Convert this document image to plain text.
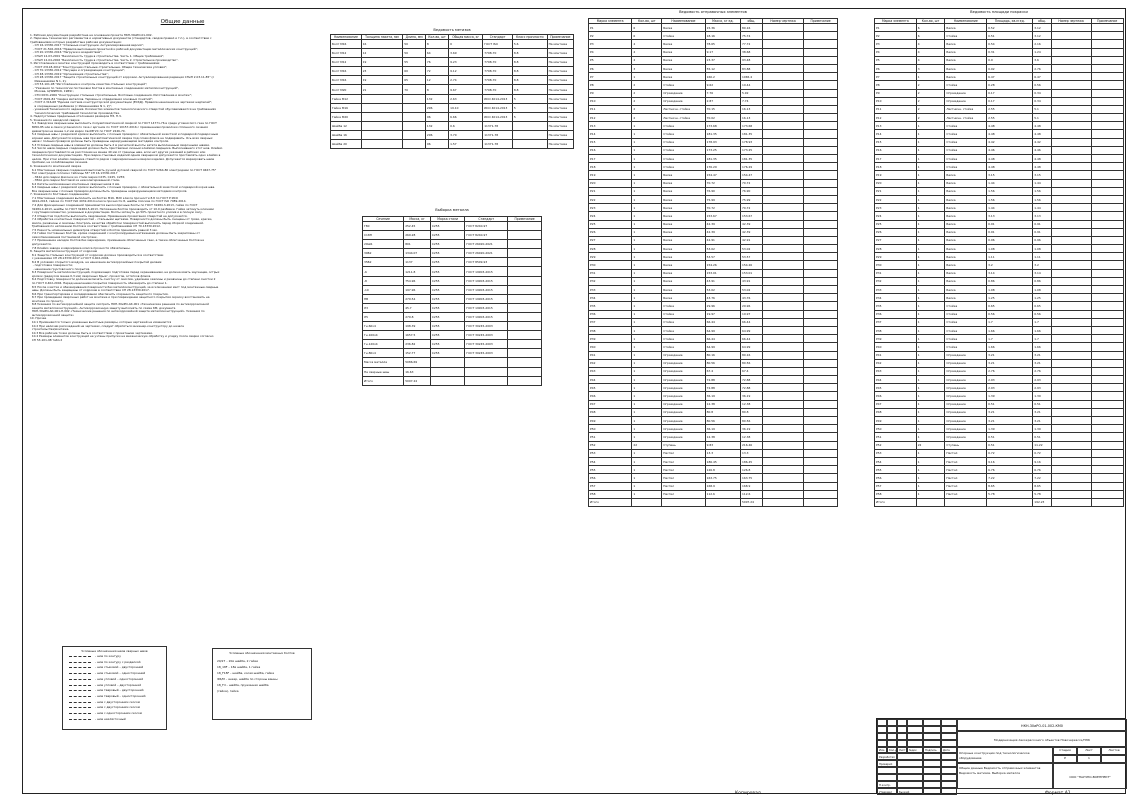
Общие данные

1. Рабочая документация разработана на основании проекта НКН-30иРО-01-002.
2. Перечень технических регламентов и нормативных документов (стандартов, сводов правил и т.п.), в соответствии с
требованиями которых разработана рабочая документация:
- СП 16.13330.2017 "Стальные конструкции. Актуализированная версия";
- ГОСТ 21.502-2016 "Правила выполнения проектной и рабочей документации металлических конструкций";
- СП 20.13330.2016 "Нагрузки и воздействия";
- СНиП 12-03-2001 "Безопасность труда в строительстве. Часть 1. Общие требования";
- СНиП 12-04-2002 "Безопасность труда в строительстве. Часть 2. Строительное производство".
3. Изготовление и монтаж конструкций производить в соответствии с требованиями:
- ГОСТ 23118-2012 "Конструкции стальные строительные. Общие технические условия";
- СП 70.13330.2012 "Несущие и ограждающие конструкции";
- СП 48.13330.2019 "Организация строительства";
- СП 28.13330.2017 "Защита строительных конструкций от коррозии. Актуализированная редакция СНиП 2.03.11-85" (с
Изменениями N 1, 2);
- СП 53-101-98 "Изготовление и контроль качества стальных конструкций";
- "Указания по технологии постановки болтов в монтажных соединениях металлоконструкций",
Москва, ЦНИИПСК, 1989г.;
- СТО 0031-2006 "Конструкции стальные строительные. Болтовые соединения. Изготовление и монтаж";
- ГОСТ 2601-84 "Сварка металлов. Термины и определения основных понятий";
- ГОСТ 2.316-68 "Единая система конструкторской документации (ЕСКД). Правила нанесения на чертежах надписей";
в сокращенных разбивках (с Изменениями N 1, 2)";
- указаний Технического задания. Количество элементов технологического отверстий обуславливаются на требованиях
технологических требований технологии производства.
4. Недопустимые предельные отклонения размеров НЭ, Н.Ч.
5. Указания по заводской сварке
5.1 Заводские сварные швы выполнить полуавтоматической сваркой по ГОСТ 14771-76 в среде углекислого газа по ГОСТ
8050-85 или в смеси углекислого газа с аргоном по ГОСТ 10157-2016 с применением проволоки сплошного сечения
диаметром не менее 1,2 мм марок Св-08Г2С по ГОСТ 2246-70.
5.2 Сварные швы с разделкой кромок выполнить с полным проваром с обязательной зачисткой и подваркой подварочным
корнем шва. Допускается корень шва при автоматической сварке под слоем флюса не подваривать. Ось всех сварных
швов с полным проваром должны быть приведены неразрушающими методами контроля.
5.3 Угловые сварные швы в элементах должны быть 2 м расчетной высоты катета выполненным сварочными швами.
5.4 Число швов сварных соединений должно быть приставлено личным клеймом сварщика. Выполнившего этот шов. Клеймо
сварщика проставляется на расстоянии не менее 40 мм от границы шва, если нет других указаний в рабочих или
технологических документациях. При сварке стыковых изделий одним сварщиком допускается проставлять одно клеймо в
целом. При этом клеймо сварщика ставится рядом с маркировочным номером изделия. Допускается маркировать швов
пробами, не ослабляющими сечения.
6. Указания по монтажной сварке
6.1 Монтажные сварные соединения выполнить ручной дуговой сваркой по ГОСТ 5264-80 электродами по ГОСТ 9467-75*
Тип электродов согласно таблицы 55* СП 16.13330.2017
- Э42А для сварки фасонок из стали марки С235, С245, С255;
- Э50А для сварки болтовой из низколегированной стали.
6.2 Катеты непоказанных монтажных сварных швов 4 мм.
6.3 Сварные швы с разделкой кромок выполнить с полным проваром, с обязательной зачисткой и подваркой корня шва.
Все сварные швы с полным проваром должны быть проверены неразрушающими методами контроля.
7. Указания по болтовым соединениям
7.1 Монтажные соединения выполнить на болтах М16, М20 класса прочности 8.8 по ГОСТ Р ИСО
4014-2013, гайках по ГОСТ ISO 4032-2014 класса прочности 8, шайбы плоские по ГОСТ ISO 7089-2014.
7.2 Для фрикционных соединений принимаются высокопрочные болты по ГОСТ 32484.3-2013, гайки по ГОСТ
32484.4-2013, шайбы по ГОСТ 32484.5-2013. Натяжение болтов производить от 10.9 разбивки. Гайки затянуть ключами
с крутящим моментом, указанным в документации. Болты затянуть до 50% проектного усилия и в полную силу.
7.3 Отверстия под болты выполнить сверлением. Применение прожигания отверстий не допускается.
7.4 Обработка контактных поверхностей – стальными щетками. Поверхности должны быть очищены от грязи, краски,
масла, ржавчины и окалины. Контроль качества обработки поверхностей выполнять перед сборкой соединений.
Требования по натяжению болтов в соответствии с требованиями СП 70.13330.2012.
7.5 Разность номинальных диаметров отверстий и болтов принимать равной 3 мм.
7.6 Гайки постоянных болтов, кроме соединений с контролируемым натяжением должны быть закреплены от
самоотвинчивания постановкой контргаек.
7.7 Применение насадок болтов без маркировки, применение облегченных гаек, а также облегченных болтов не
допускается.
7.8 Клеймо завода и маркировка класса прочности обязательны.
8. Защита металлоконструкций от коррозии
8.1 Защита стальных конструкций от коррозии должна производиться в соответствии
с указаниями СП 28.13330.2017 и ГОСТ 9.402-2004.
8.2 В условиях открытого воздуха, на нанесение антикоррозийных покрытий делаем:
- подготовка поверхности;
- нанесение грунтовочного покрытия.
8.3 Поверхность металлоконструкций, подлежащих подготовке перед окрашиванием, не должна иметь заусенцев, острых
кромок (радиусом менее 0,3 мм) сварочных брызг, прожогов, остатков флюса.
8.4 Подготовку поверхности должна включать очистку от окислов, удаление окалины и ржавчины до степени очистки 2
по ГОСТ 9.402-2004. Перед нанесением покрытия поверхность обезжирить до степени 1.
8.5 После очистки и обезжиривания поверхности без металлоконструкций, за исключением мест под монтажные сварные
швы. Должны быть защищены от коррозии в соответствии СП 28.13330.2017.
8.6 При транспортировке и складировании обеспечить сохранность защитного покрытия.
8.7 При проведении сварочных работ на монтаже и при повреждении защитного покрытия окраску восстановить на
монтаже по проекту.
8.8 Указания по антикоррозийной защите смотреть НКН-30иРО-АК-001 «Технические решения по антикоррозионной
защите металлоконструкций». Антикоррозионную защиту выполнять по схеме КМ, документа
НКН-30иРО-АК-001-П-002 «Технические решения по антикоррозийной защите металлоконструкций». Указания по
антикоррозионной защите»
10. Прочее
10.1 Применяются только указанные высотные размеры, которые чертежей не изменяются
10.2 При наличии расхождений на чертежах, следует обратиться инженер-конструктору до начала
строительства/монтажа.
10.3 Все рабочие точки должны быть в соответствии с проектными чертежами.
10.4 Размеры элементов конструкций не учтены припуски на механическую обработку и усадку после сварки согласно
СП 53-101-98 табл.2

Условные обозначения швов сварных швов
- шов по контуру
- шов по контуру с разделкой
- шов стыковой – двусторонний
- шов стыковой – односторонний
- шов угловой – односторонний
- шов угловой – двусторонний
- шов тавровый – двусторонний
- шов тавровый – односторонний
- шов с двусторонним скосом
- шов с двусторонним скосом
- шов с односторонним скосом
- шов нахлёсточный
Условные обозначения монтажных болтов
20/27 – 20я шайба, 2 гайки
18_18F – 18я шайба, 1 гайка
18_F18F – шайба, косая шайба, гайка
Ф6/М – анкер, шайба по стороны ванны
18_Fd – шайба, пружинная шайба
(гайка), гайка
Ведомость метизов
Наименование	Толщина пакета, мм	Длина, мм	Кол-во, шт	Общая масса, кг	Стандарт	Класс прочности	Примечание
Болт М16	16	50	8	0	ГОСТ ISO	5.6	На монтаже
Болт М12	12	50	64	3.69	7798-70	8.8	На монтаже
Болт М12	19	55	76	9.23	7798-70	8.8	На монтаже
Болт М16	23	60	72	9.12	7798-70	8.8	На монтаже
Болт М16	19	65	12	2.74	7798-70	8.8	На монтаже
Болт М20	21	70	8	9.67	7798-70	8.8	На монтаже
Гайка М12			132	2.63	ИСО 4014-2013	5	На монтаже
Гайка М16			296	19.10	ИСО 4014-2013	5	На монтаже
Гайка М20			96	6.66	ИСО 4014-2013	5	На монтаже
Шайба 12			132	0.6	11371-78		На монтаже
Шайба 16			296	3.70	11371-78		На монтаже
Шайба 20			96	1.57	11371-78		На монтаже
Выборка металла
Сечение	Масса, кг	Марка стали	Стандарт	Примечание
Г80	252.45	С255	ГОСТ 8240-97	
С18П	269.28	С255	ГОСТ 8240-97	
20Ш1	801	С255	ГОСТ 26020-2021	
30Б2	1344.07	С255	ГОСТ 26020-2021	
35Б2	1137	С255	ГОСТ 8509-93	
-6	1211.8	С255	ГОСТ 19903-2015	
-8	754.96	С255	ГОСТ 19903-2015	
-10	197.96	С255	ГОСТ 19903-2015	
ПВ	279.54	С255	ГОСТ 19903-2015	
Л3	45.7	С255	ГОСТ 19903-2015	
Л5	279.8	С255	ГОСТ 19903-2015	
Гн.60х4	198.39	С255	ГОСТ 30245-2003	
Гн.100х4	1657.5	С255	ГОСТ 30245-2003	
Гн.120х4	236.82	С255	ГОСТ 30245-2003	
Гн.80х4	152.77	С255	ГОСТ 30245-2003	
Масса металла	5086.69			
На сварные швы	16.63			
Итого	5097.24			
Ведомость отправочных элементов
Марка элемента	Кол-во, шт	Наименование	Масса, кг ед.	общ.	Номер чертежа	Примечание
Р1	6	Балка	15.36	80.16		
Р2	6	Стойка	18.16	75.74		
Р3	4	Балка	78.65	77.72		
Р4	4	Балка	9.17	38.68		
Р5	4	Балка	23.37	93.48		
Р6	3	Балка	55.12	83.88		
Р7	1	Балка	160.2	1065.4		
Р8	2	Стойка	9.62	19.44		
Р9	2	Ограждение	7.76	5.92		
Р10	2	Ограждение	2.87	7.74		
Р11	2	Лестничн. стойка	70.15	16.13		
Р12	2	Лестничн. стойка	70.02	16.13		
Р13	1	Стойка	173.68	173.68		
Р14	1	Стойка	181.35	181.35		
Р15	1	Стойка	178.93	178.93		
Р16	1	Стойка	173.25	173.25		
Р17	1	Стойка	181.35	181.35		
Р18	1	Стойка	176.29	176.29		
Р19	1	Балка	154.47	154.47		
Р20	1	Балка	70.72	70.72		
Р21	1	Балка	76.90	76.90		
Р22	1	Балка	75.99	75.99		
Р23	1	Балка	70.72	70.72		
Р24	1	Балка	153.67	153.67		
Р25	1	Балка	42.39	42.39		
Р26	1	Балка	42.39	42.39		
Р27	1	Балка	42.91	42.91		
Р28	1	Балка	53.02	53.02		
Р29	1	Балка	53.57	53.57		
Р30	1	Балка	154.26	154.26		
Р31	1	Балка	153.01	153.01		
Р32	1	Балка	43.91	43.91		
Р33	1	Балка	53.02	53.02		
Р34	1	Балка	43.76	43.76		
Р35	1	Стойка	29.96	29.96		
Р36	1	Стойка	19.97	19.97		
Р37	1	Стойка	66.44	66.44		
Р38	1	Стойка	64.99	64.99		
Р39	1	Стойка	66.44	66.44		
Р40	1	Стойка	64.99	64.99		
Р41	1	Ограждение	80.16	80.16		
Р42	1	Ограждение	80.56	80.56		
Р43	1	Ограждение	67.4	67.4		
Р44	1	Ограждение	72.88	72.88		
Р45	1	Ограждение	72.88	72.88		
Р46	1	Ограждение	36.19	36.19		
Р47	1	Ограждение	12.38	12.38		
Р48	1	Ограждение	80.8	80.8		
Р49	1	Ограждение	80.56	80.56		
Р50	1	Ограждение	36.19	36.19		
Р51	1	Ограждение	12.38	12.38		
Р52	22	Ступень	9.83	216.46		
Р53	1	Настил	13.3	13.3		
Р54	1	Настил	186.45	186.45		
Р55	1	Настил	126.8	126.8		
Р56	1	Настил	163.75	163.75		
Р57	1	Настил	168.9	168.9		
Р58	1	Настил	112.6	112.6		
Итого				5097.24		
Ведомость площади покраски
Марка элемента	Кол-во, шт	Наименование	Площадь, кв.м ед.	общ.	Номер чертежа	Примечание
Р1	6	Балка	0.52	3.12		
Р2	6	Стойка	0.51	3.12		
Р3	4	Балка	0.54	2.16		
Р4	4	Балка	0.31	1.24		
Р5	4	Балка	0.9	3.6		
Р6	3	Балка	0.92	2.76		
Р7	1	Балка	6.47	6.47		
Р8	2	Стойка	0.28	0.56		
Р9	2	Ограждение	0.17	0.34		
Р10	2	Ограждение	0.17	0.34		
Р11	2	Лестничн. стойка	2.55	5.1		
Р12	2	Лестничн. стойка	2.55	5.1		
Р13	1	Стойка	4.48	4.48		
Р14	1	Стойка	4.48	4.48		
Р15	1	Стойка	4.42	4.42		
Р16	1	Стойка	4.46	4.46		
Р17	1	Стойка	4.48	4.48		
Р18	1	Стойка	4.48	4.48		
Р19	1	Балка	3.15	3.15		
Р20	1	Балка	1.44	1.44		
Р21	1	Балка	1.56	1.56		
Р22	1	Балка	1.56	1.56		
Р23	1	Балка	1.44	1.44		
Р24	1	Балка	3.13	3.13		
Р25	1	Балка	0.91	0.91		
Р26	1	Балка	0.91	0.91		
Р27	1	Балка	0.96	0.96		
Р28	1	Балка	1.08	1.08		
Р29	1	Балка	1.11	1.11		
Р30	1	Балка	3.2	3.2		
Р31	1	Балка	3.14	3.14		
Р32	1	Балка	0.86	0.86		
Р33	1	Балка	1.08	1.08		
Р34	1	Балка	1.25	1.25		
Р35	1	Стойка	0.65	0.65		
Р36	1	Стойка	0.56	0.56		
Р37	1	Стойка	1.7	1.7		
Р38	1	Стойка	1.66	1.66		
Р39	1	Стойка	1.7	1.7		
Р40	1	Стойка	1.66	1.66		
Р41	1	Ограждение	3.21	3.21		
Р42	1	Ограждение	3.21	3.21		
Р43	1	Ограждение	2.76	2.76		
Р44	1	Ограждение	2.93	2.93		
Р45	1	Ограждение	2.93	2.93		
Р46	1	Ограждение	1.39	1.39		
Р47	1	Ограждение	0.51	0.51		
Р48	1	Ограждение	3.21	3.21		
Р49	1	Ограждение	3.21	3.21		
Р50	1	Ограждение	1.39	1.39		
Р51	1	Ограждение	0.51	0.51		
Р52	22	Ступень	0.51	11.22		
Р53	1	Настил	0.72	0.72		
Р54	1	Настил	9.16	9.16		
Р55	1	Настил	6.76	6.76		
Р56	1	Настил	7.22	7.22		
Р57	1	Настил	8.65	8.65		
Р58	1	Настил	5.78	5.78		
Итого				192.23		
НКН-30иРО-01-002-КМ0
Модернизация лакокрасочного объектов Новочеркасск/ПЭК
Опорные конструкции под технологическое оборудование
Стадия	Лист	Листов
Р	1
Общие данные Ведомость отправочных элементов Ведомость метизов. Выборка металла
ООО "НАУЧНО-ВОЕНПЕКТ"
Изм.	Кол.уч Лист	№док	Подпись	Дата
Разработал
Проверил
Н.контр.
Утвердил	Бычкий
Копировал	Формат А1
